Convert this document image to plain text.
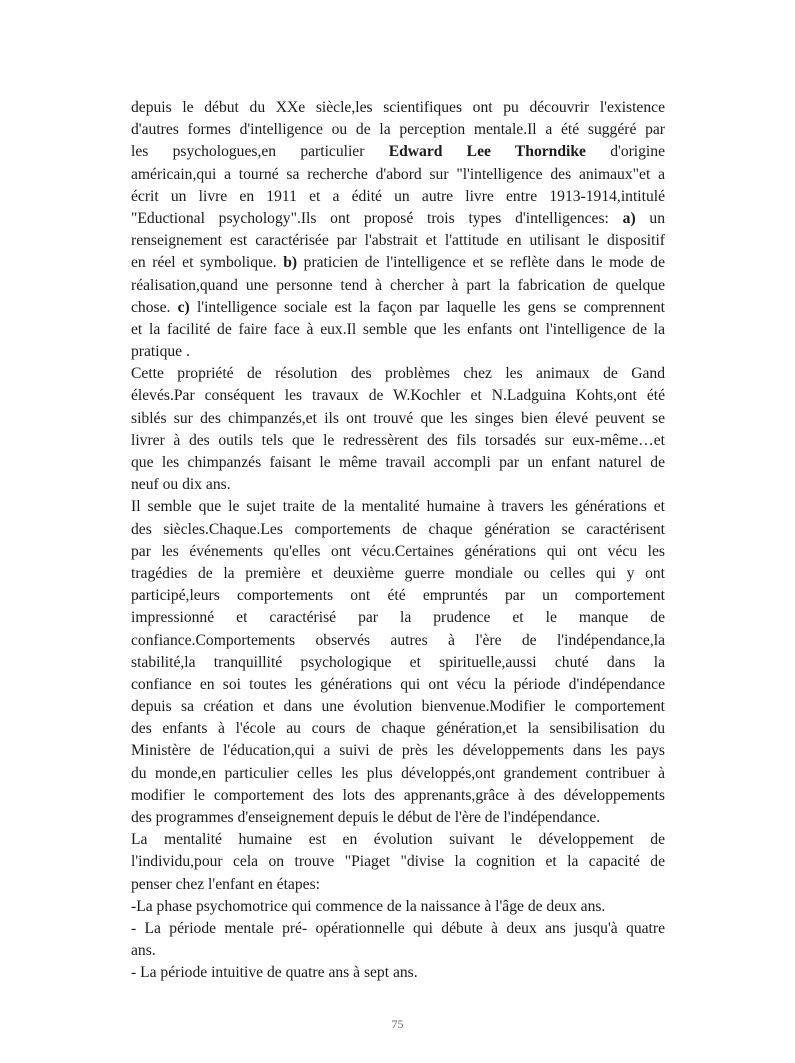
depuis le début du XXe siècle,les scientifiques ont pu découvrir l'existence
d'autres formes d'intelligence ou de la perception mentale.Il a été suggéré par
les psychologues,en particulier Edward Lee Thorndike d'origine
américain,qui a tourné sa recherche d'abord sur "l'intelligence des animaux"et a
écrit un livre en 1911 et a édité un autre livre entre 1913-1914,intitulé
"Eductional psychology".Ils ont proposé trois types d'intelligences: a) un
renseignement est caractérisée par l'abstrait et l'attitude en utilisant le dispositif
en réel et symbolique. b) praticien de l'intelligence et se reflète dans le mode de
réalisation,quand une personne tend à chercher à part la fabrication de quelque
chose. c) l'intelligence sociale est la façon par laquelle les gens se comprennent
et la facilité de faire face à eux.Il semble que les enfants ont l'intelligence de la
pratique .
Cette propriété de résolution des problèmes chez les animaux de Gand
élevés.Par conséquent les travaux de W.Kochler et N.Ladguina Kohts,ont été
siblés sur des chimpanzés,et ils ont trouvé que les singes bien élevé peuvent se
livrer à des outils tels que le redressèrent des fils torsadés sur eux-même…et
que les chimpanzés faisant le même travail accompli par un enfant naturel de
neuf ou dix ans.
Il semble que le sujet traite de la mentalité humaine à travers les générations et
des siècles.Chaque.Les comportements de chaque génération se caractérisent
par les événements qu'elles ont vécu.Certaines générations qui ont vécu les
tragédies de la première et deuxième guerre mondiale ou celles qui y ont
participé,leurs comportements ont été empruntés par un comportement
impressionné et caractérisé par la prudence et le manque de
confiance.Comportements observés autres à l'ère de l'indépendance,la
stabilité,la tranquillité psychologique et spirituelle,aussi chuté dans la
confiance en soi toutes les générations qui ont vécu la période d'indépendance
depuis sa création et dans une évolution bienvenue.Modifier le comportement
des enfants à l'école au cours de chaque génération,et la sensibilisation du
Ministère de l'éducation,qui a suivi de près les développements dans les pays
du monde,en particulier celles les plus développés,ont grandement contribuer à
modifier le comportement des lots des apprenants,grâce à des développements
des programmes d'enseignement depuis le début de l'ère de l'indépendance.
La mentalité humaine est en évolution suivant le développement de
l'individu,pour cela on trouve "Piaget "divise la cognition et la capacité de
penser chez l'enfant en étapes:
-La phase psychomotrice qui commence de la naissance à l'âge de deux ans.
- La période mentale pré- opérationnelle qui débute à deux ans jusqu'à quatre
ans.
- La période intuitive de quatre ans à sept ans.
75
